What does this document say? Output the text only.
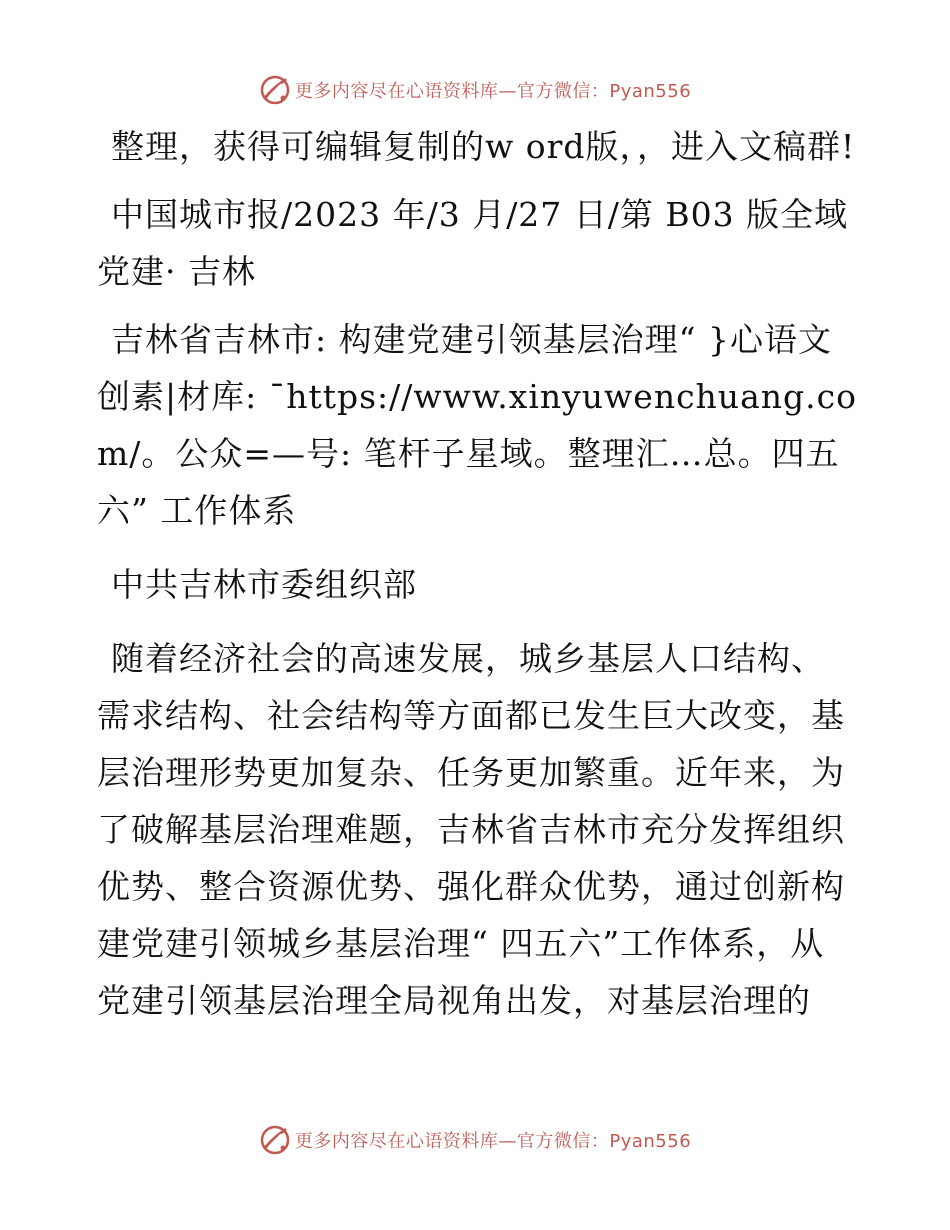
更多内容尽在心语资料库—官方微信：Pyan556

整理，获得可编辑复制的w ord版，，进入文稿群!

中国城市报/2023 年/3 月/27 日/第 B03 版全域党建· 吉林

吉林省吉林市: 构建党建引领基层治理“ }心语文创素|材库: ¯https://www.xinyuwenchuang.com/。公众=—号: 笔杆子星域。整理汇…总。四五六” 工作体系

中共吉林市委组织部

随着经济社会的高速发展，城乡基层人口结构、需求结构、社会结构等方面都已发生巨大改变，基层治理形势更加复杂、任务更加繁重。近年来，为了破解基层治理难题，吉林省吉林市充分发挥组织优势、整合资源优势、强化群众优势，通过创新构建党建引领城乡基层治理“ 四五六”工作体系，从党建引领基层治理全局视角出发，对基层治理的

更多内容尽在心语资料库—官方微信：Pyan556
